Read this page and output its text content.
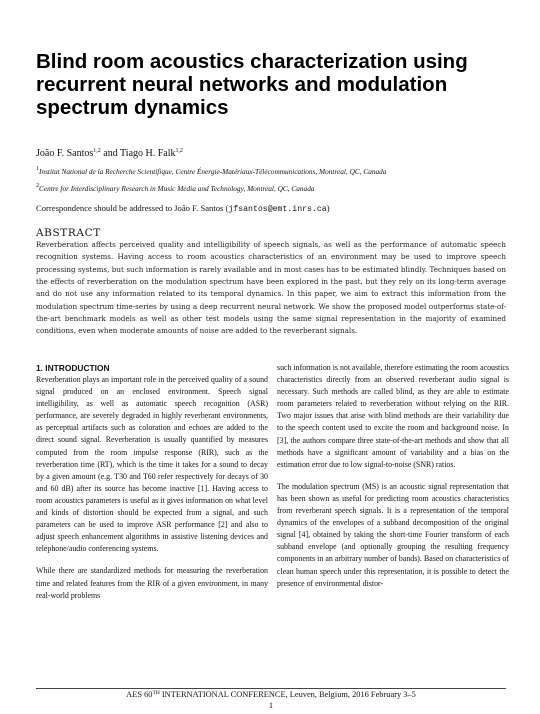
Blind room acoustics characterization using recurrent neural networks and modulation spectrum dynamics
João F. Santos$^{1,2}$ and Tiago H. Falk$^{1,2}$
$^1$Institut National de la Recherche Scientifique, Centre Énergie-Matériaux-Télécommunications, Montreal, QC, Canada
$^2$Centre for Interdisciplinary Research in Music Media and Technology, Montreal, QC, Canada
Correspondence should be addressed to João F. Santos (jfsantos@emt.inrs.ca)
ABSTRACT
Reverberation affects perceived quality and intelligibility of speech signals, as well as the performance of automatic speech recognition systems. Having access to room acoustics characteristics of an environment may be used to improve speech processing systems, but such information is rarely available and in most cases has to be estimated blindly. Techniques based on the effects of reverberation on the modulation spectrum have been explored in the past, but they rely on its long-term average and do not use any information related to its temporal dynamics. In this paper, we aim to extract this information from the modulation spectrum time-series by using a deep recurrent neural network. We show the proposed model outperforms state-of-the-art benchmark models as well as other test models using the same signal representation in the majority of examined conditions, even when moderate amounts of noise are added to the reverberant signals.
1. INTRODUCTION

Reverberation plays an important role in the perceived quality of a sound signal produced on an enclosed environment. Speech signal intelligibility, as well as automatic speech recognition (ASR) performance, are severely degraded in highly reverberant environments, as perceptual artifacts such as coloration and echoes are added to the direct sound signal. Reverberation is usually quantified by measures computed from the room impulse response (RIR), such as the reverberation time (RT), which is the time it takes for a sound to decay by a given amount (e.g. T30 and T60 refer respectively for decays of 30 and 60 dB) after its source has become inactive [1]. Having access to room acoustics parameters is useful as it gives information on what level and kinds of distortion should be expected from a signal, and such parameters can be used to improve ASR performance [2] and also to adjust speech enhancement algorithms in assistive listening devices and telephone/audio conferencing systems.

While there are standardized methods for measuring the reverberation time and related features from the RIR of a given environment, in many real-world problems

such information is not available, therefore estimating the room acoustics characteristics directly from an observed reverberant audio signal is necessary. Such methods are called blind, as they are able to estimate room parameters related to reverberation without relying on the RIR. Two major issues that arise with blind methods are their variability due to the speech content used to excite the room and background noise. In [3], the authors compare three state-of-the-art methods and show that all methods have a significant amount of variability and a bias on the estimation error due to low signal-to-noise (SNR) ratios.

The modulation spectrum (MS) is an acoustic signal representation that has been shown as useful for predicting room acoustics characteristics from reverberant speech signals. It is a representation of the temporal dynamics of the envelopes of a subband decomposition of the original signal [4], obtained by taking the short-time Fourier transform of each subband envelope (and optionally grouping the resulting frequency components in an arbitrary number of bands). Based on characteristics of clean human speech under this representation, it is possible to detect the presence of environmental distor-

AES 60TH INTERNATIONAL CONFERENCE, Leuven, Belgium, 2016 February 3–5
1
